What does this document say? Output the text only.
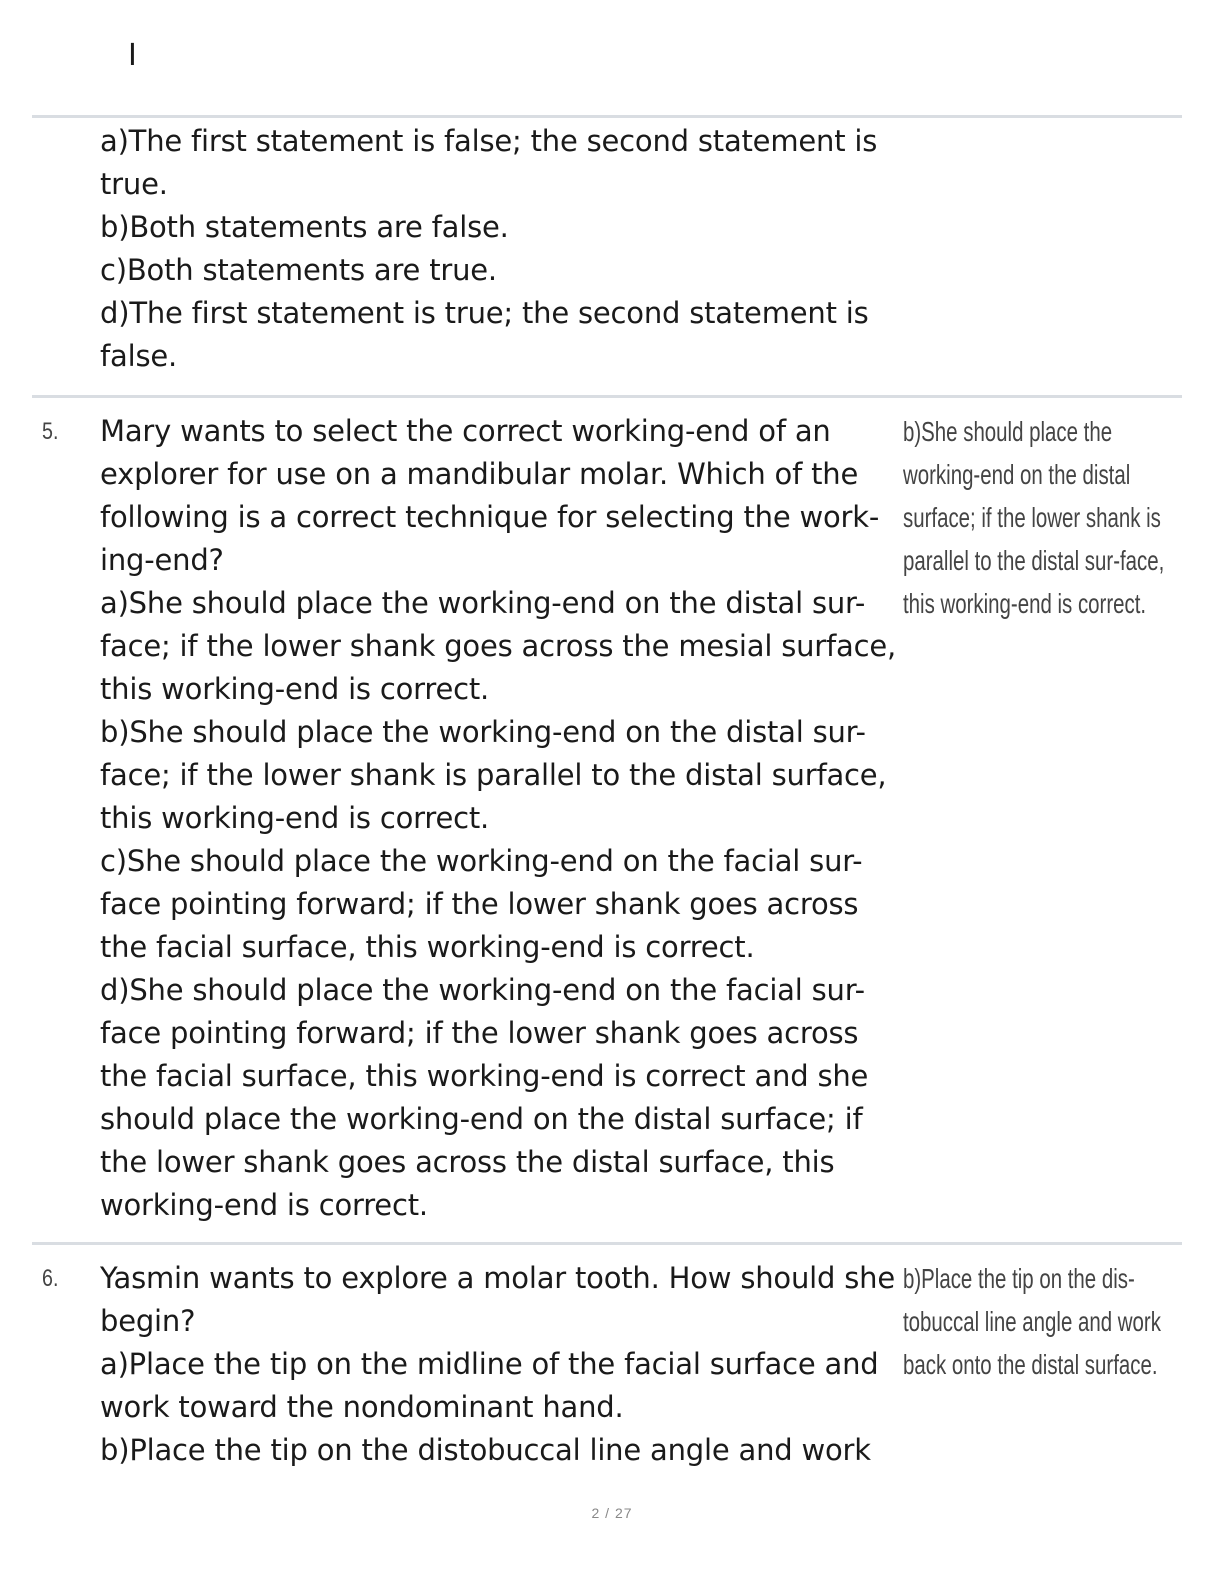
I
a)The first statement is false; the second statement is true.
b)Both statements are false.
c)Both statements are true.
d)The first statement is true; the second statement is false.
5.	Mary wants to select the correct working-end of an explorer for use on a mandibular molar. Which of the following is a correct technique for selecting the work-ing-end?
a)She should place the working-end on the distal sur-face; if the lower shank goes across the mesial surface, this working-end is correct.
b)She should place the working-end on the distal sur-face; if the lower shank is parallel to the distal surface, this working-end is correct.
c)She should place the working-end on the facial sur-face pointing forward; if the lower shank goes across the facial surface, this working-end is correct.
d)She should place the working-end on the facial sur-face pointing forward; if the lower shank goes across the facial surface, this working-end is correct and she should place the working-end on the distal surface; if the lower shank goes across the distal surface, this working-end is correct.
b)She should place the working-end on the distal surface; if the lower shank is parallel to the distal sur-face, this working-end is correct.
6.	Yasmin wants to explore a molar tooth. How should she begin?
a)Place the tip on the midline of the facial surface and work toward the nondominant hand.
b)Place the tip on the distobuccal line angle and work
b)Place the tip on the dis-tobuccal line angle and work back onto the distal surface.
2 / 27
